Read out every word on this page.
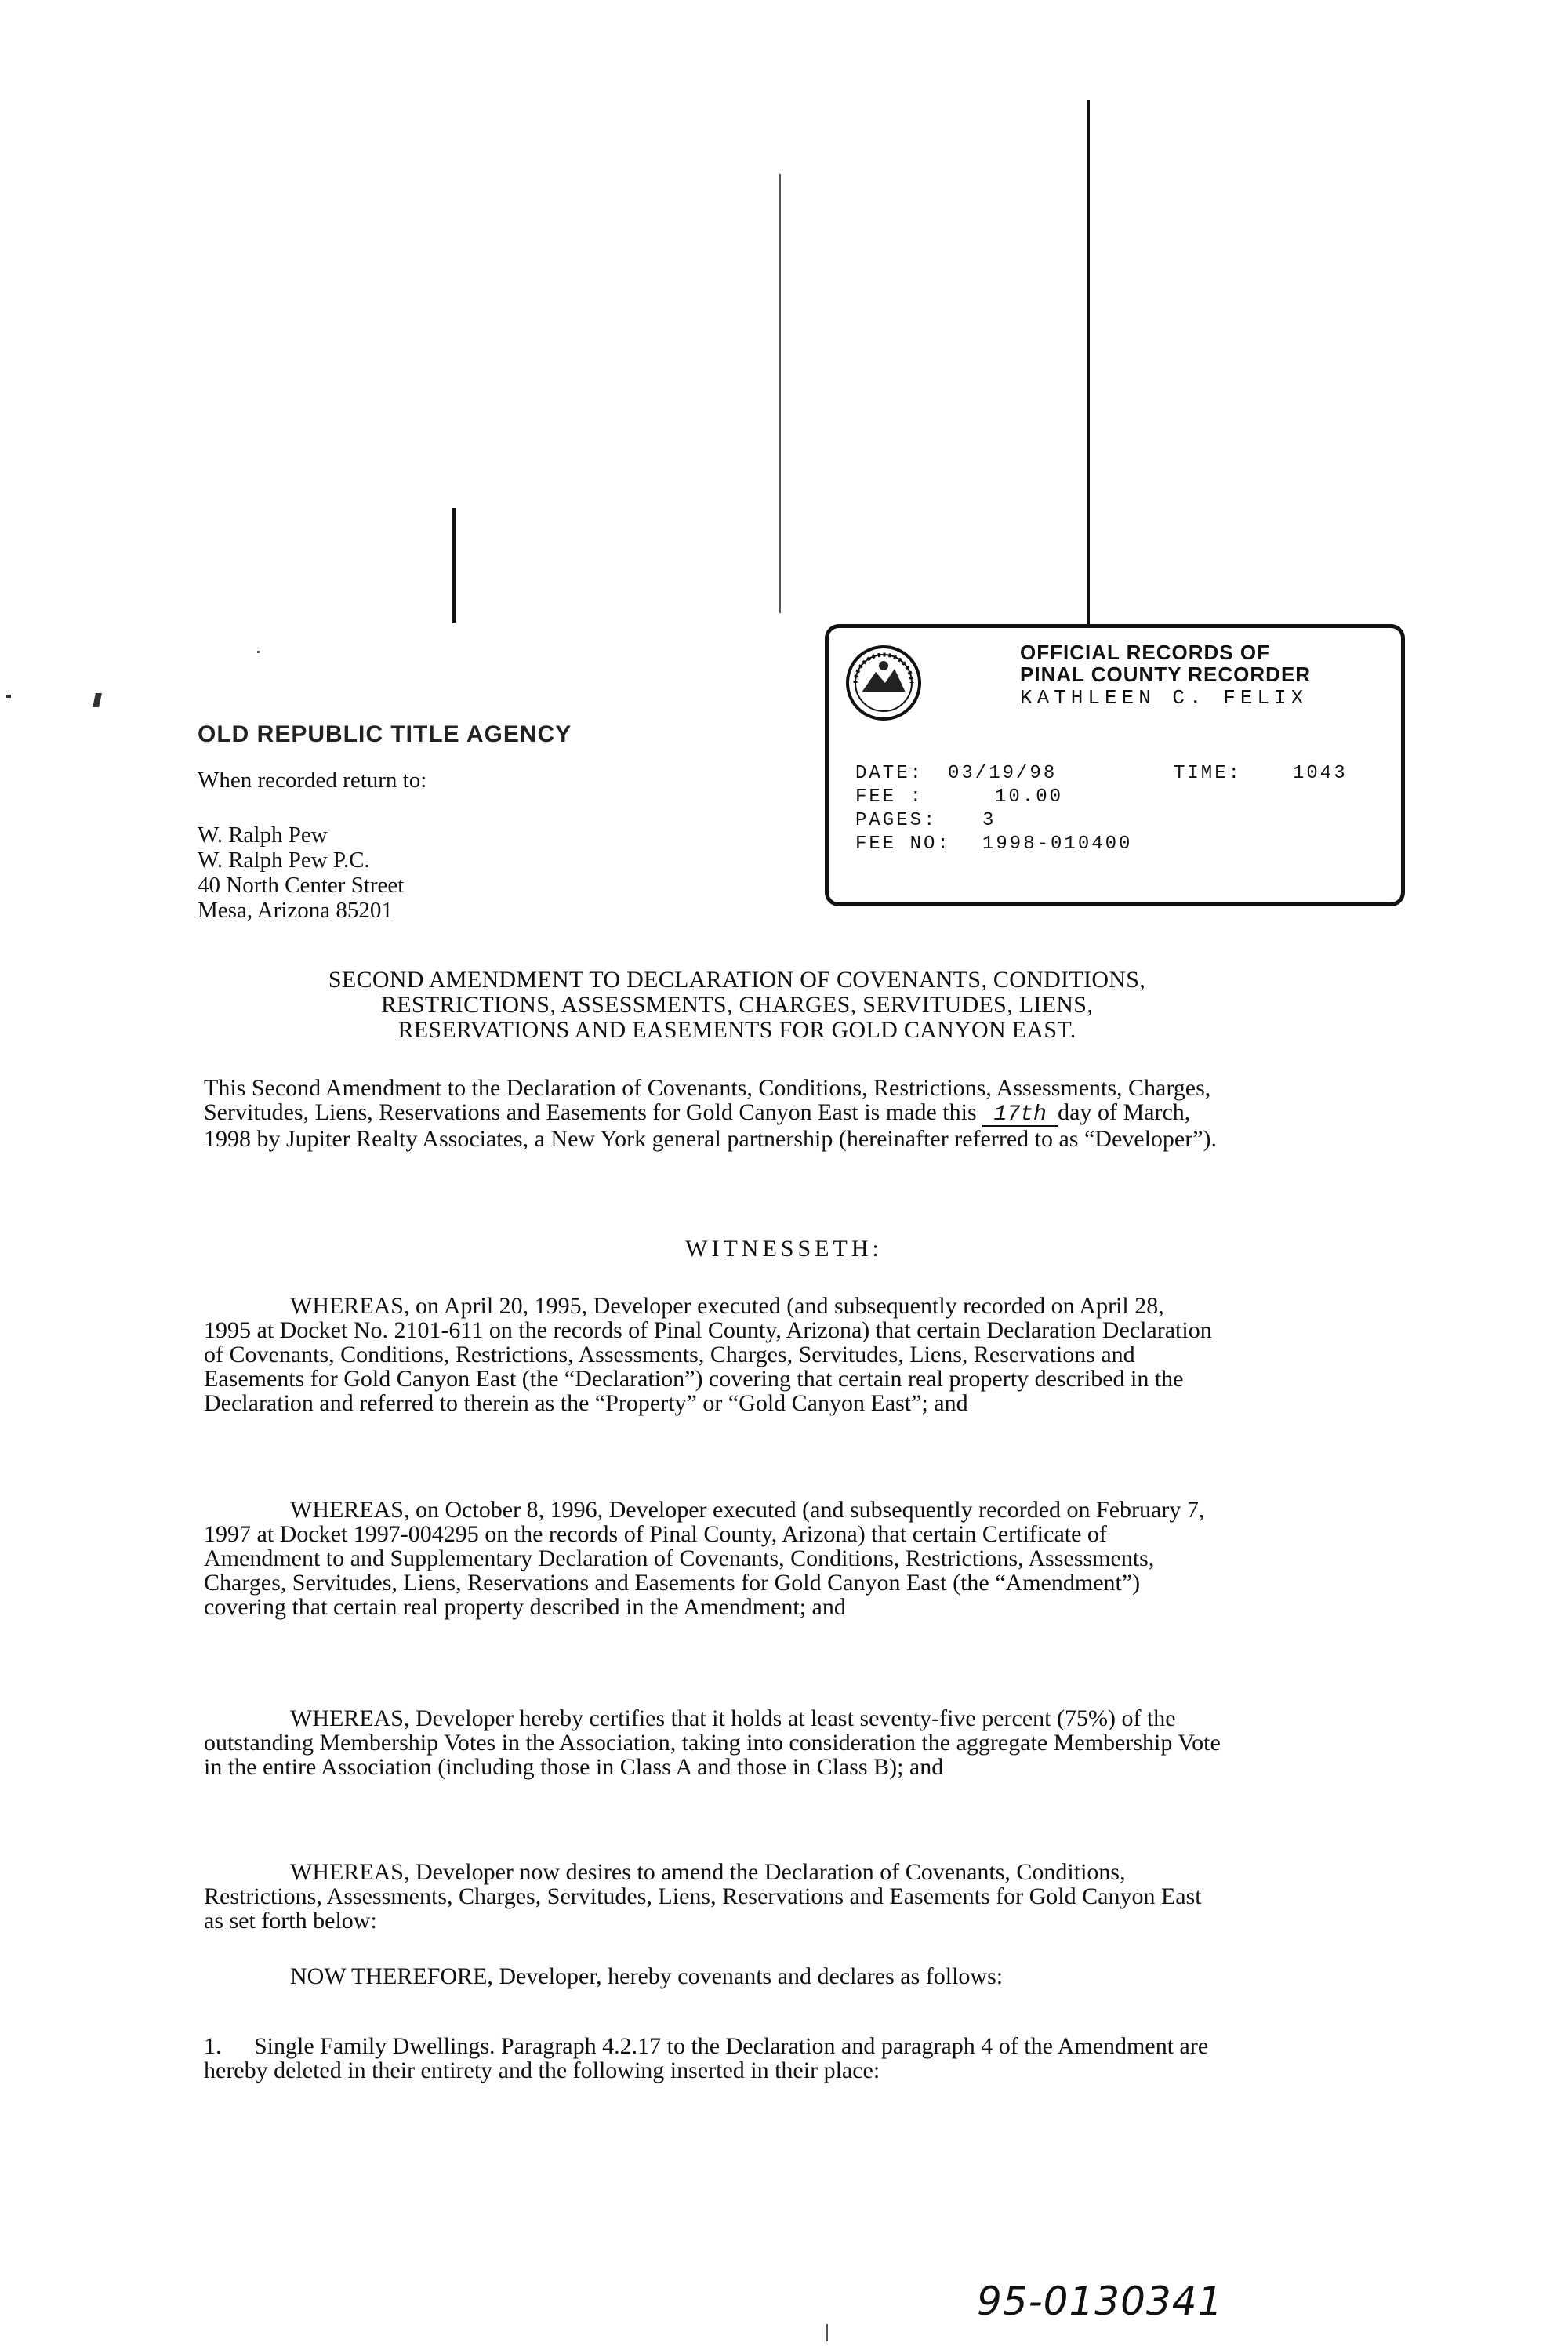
OFFICIAL RECORDS OF
PINAL COUNTY RECORDER
KATHLEEN C. FELIX
DATE: 03/19/98	TIME:	1043
FEE :	10.00
PAGES: 3
FEE NO: 1998-010400
OLD REPUBLIC TITLE AGENCY
When recorded return to:
W. Ralph Pew
W. Ralph Pew P.C.
40 North Center Street
Mesa, Arizona 85201
SECOND AMENDMENT TO DECLARATION OF COVENANTS, CONDITIONS,
RESTRICTIONS, ASSESSMENTS, CHARGES, SERVITUDES, LIENS,
RESERVATIONS AND EASEMENTS FOR GOLD CANYON EAST.
This Second Amendment to the Declaration of Covenants, Conditions, Restrictions, Assessments, Charges, Servitudes, Liens, Reservations and Easements for Gold Canyon East is made this 17th day of March, 1998 by Jupiter Realty Associates, a New York general partnership (hereinafter referred to as “Developer”).
WITNESSETH:
WHEREAS, on April 20, 1995, Developer executed (and subsequently recorded on April 28, 1995 at Docket No. 2101-611 on the records of Pinal County, Arizona) that certain Declaration Declaration of Covenants, Conditions, Restrictions, Assessments, Charges, Servitudes, Liens, Reservations and Easements for Gold Canyon East (the “Declaration”) covering that certain real property described in the Declaration and referred to therein as the “Property” or “Gold Canyon East”; and
WHEREAS, on October 8, 1996, Developer executed (and subsequently recorded on February 7, 1997 at Docket 1997-004295 on the records of Pinal County, Arizona) that certain Certificate of Amendment to and Supplementary Declaration of Covenants, Conditions, Restrictions, Assessments, Charges, Servitudes, Liens, Reservations and Easements for Gold Canyon East (the “Amendment”) covering that certain real property described in the Amendment; and
WHEREAS, Developer hereby certifies that it holds at least seventy-five percent (75%) of the outstanding Membership Votes in the Association, taking into consideration the aggregate Membership Vote in the entire Association (including those in Class A and those in Class B); and
WHEREAS, Developer now desires to amend the Declaration of Covenants, Conditions, Restrictions, Assessments, Charges, Servitudes, Liens, Reservations and Easements for Gold Canyon East as set forth below:
NOW THEREFORE, Developer, hereby covenants and declares as follows:
1. Single Family Dwellings. Paragraph 4.2.17 to the Declaration and paragraph 4 of the Amendment are hereby deleted in their entirety and the following inserted in their place:
95-0130341
